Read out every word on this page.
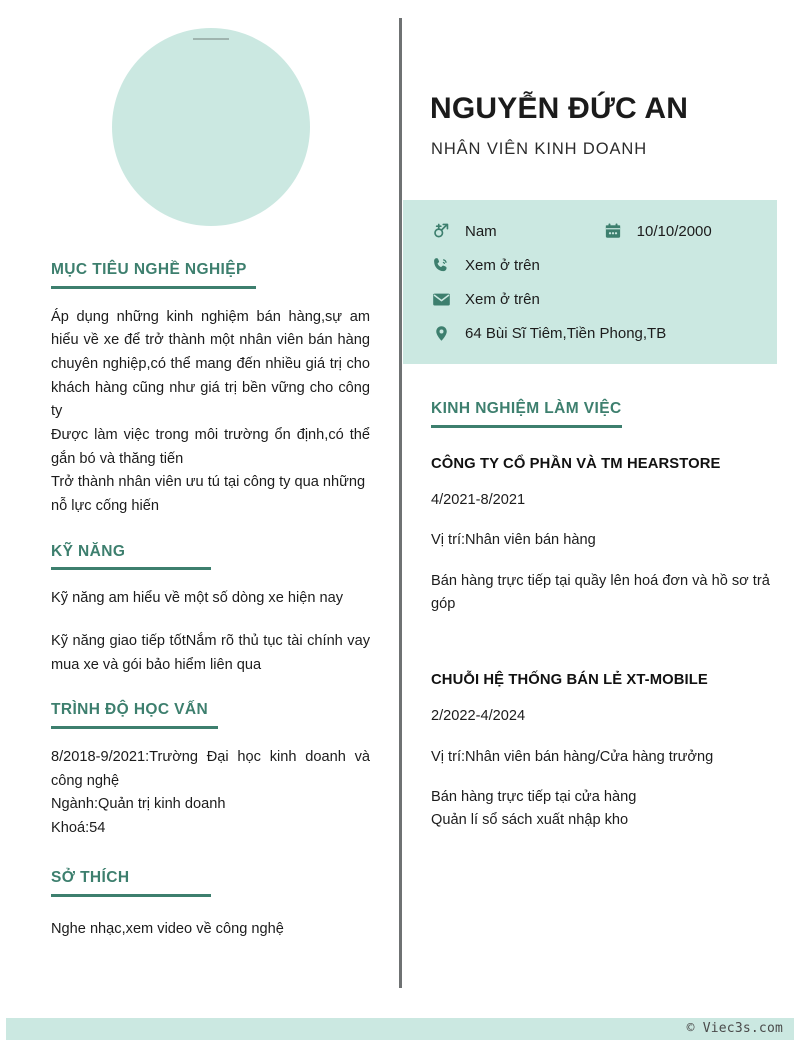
MỤC TIÊU NGHỀ NGHIỆP
Áp dụng những kinh nghiệm bán hàng,sự am hiểu về xe để trở thành một nhân viên bán hàng chuyên nghiệp,có thể mang đến nhiều giá trị cho khách hàng cũng như giá trị bền vững cho công ty
Được làm việc trong môi trường ổn định,có thể gắn bó và thăng tiến
Trở thành nhân viên ưu tú tại công ty qua những nỗ lực cống hiến
KỸ NĂNG
Kỹ năng am hiểu về một số dòng xe hiện nay
Kỹ năng giao tiếp tốtNắm rõ thủ tục tài chính vay mua xe và gói bảo hiểm liên qua
TRÌNH ĐỘ HỌC VẤN
8/2018-9/2021:Trường Đại học kinh doanh và công nghệ
Ngành:Quản trị kinh doanh
Khoá:54
SỞ THÍCH
Nghe nhạc,xem video về công nghệ
NGUYỄN ĐỨC AN
NHÂN VIÊN KINH DOANH
Nam	10/10/2000
Xem ở trên
Xem ở trên
64 Bùi Sĩ Tiêm,Tiền Phong,TB
KINH NGHIỆM LÀM VIỆC
CÔNG TY CỔ PHẦN VÀ TM HEARSTORE
4/2021-8/2021
Vị trí:Nhân viên bán hàng
Bán hàng trực tiếp tại quầy lên hoá đơn và hồ sơ trả góp
CHUỖI HỆ THỐNG BÁN LẺ XT-MOBILE
2/2022-4/2024
Vị trí:Nhân viên bán hàng/Cửa hàng trưởng
Bán hàng trực tiếp tại cửa hàng
Quản lí sổ sách xuất nhập kho
© Viec3s.com
